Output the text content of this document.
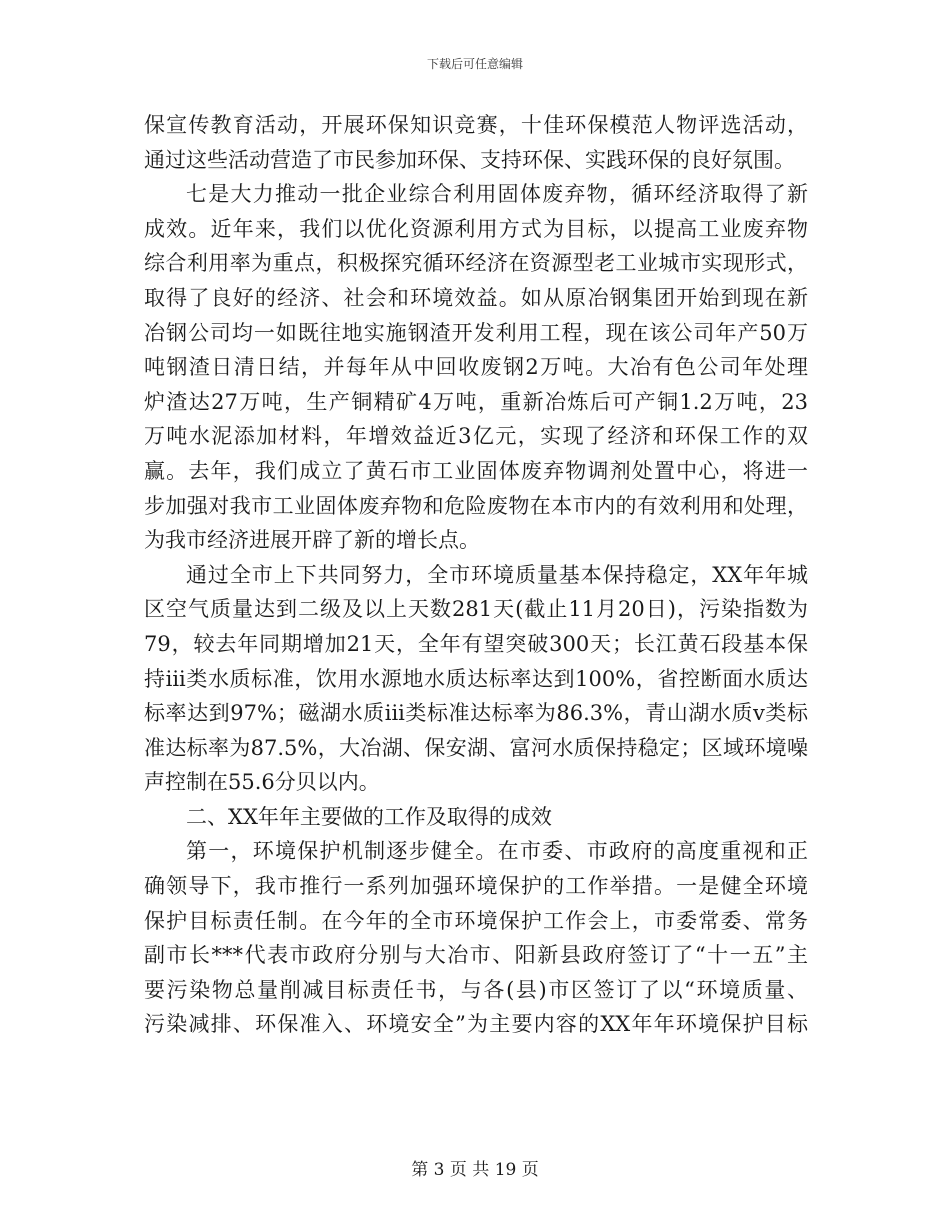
下载后可任意编辑
保宣传教育活动，开展环保知识竞赛，十佳环保模范人物评选活动，
通过这些活动营造了市民参加环保、支持环保、实践环保的良好氛围。
七是大力推动一批企业综合利用固体废弃物，循环经济取得了新
成效。近年来，我们以优化资源利用方式为目标，以提高工业废弃物
综合利用率为重点，积极探究循环经济在资源型老工业城市实现形式，
取得了良好的经济、社会和环境效益。如从原冶钢集团开始到现在新
冶钢公司均一如既往地实施钢渣开发利用工程，现在该公司年产50万
吨钢渣日清日结，并每年从中回收废钢2万吨。大冶有色公司年处理
炉渣达27万吨，生产铜精矿4万吨，重新冶炼后可产铜1.2万吨，23
万吨水泥添加材料，年增效益近3亿元，实现了经济和环保工作的双
赢。去年，我们成立了黄石市工业固体废弃物调剂处置中心，将进一
步加强对我市工业固体废弃物和危险废物在本市内的有效利用和处理，
为我市经济进展开辟了新的增长点。
通过全市上下共同努力，全市环境质量基本保持稳定，XX年年城
区空气质量达到二级及以上天数281天(截止11月20日)，污染指数为
79，较去年同期增加21天，全年有望突破300天；长江黄石段基本保
持iii类水质标准，饮用水源地水质达标率达到100%，省控断面水质达
标率达到97%；磁湖水质iii类标准达标率为86.3%，青山湖水质v类标
准达标率为87.5%，大冶湖、保安湖、富河水质保持稳定；区域环境噪
声控制在55.6分贝以内。
二、XX年年主要做的工作及取得的成效
第一，环境保护机制逐步健全。在市委、市政府的高度重视和正
确领导下，我市推行一系列加强环境保护的工作举措。一是健全环境
保护目标责任制。在今年的全市环境保护工作会上，市委常委、常务
副市长***代表市政府分别与大冶市、阳新县政府签订了“十一五”主
要污染物总量削减目标责任书，与各(县)市区签订了以“环境质量、
污染减排、环保准入、环境安全”为主要内容的XX年年环境保护目标
第 3 页 共 19 页
